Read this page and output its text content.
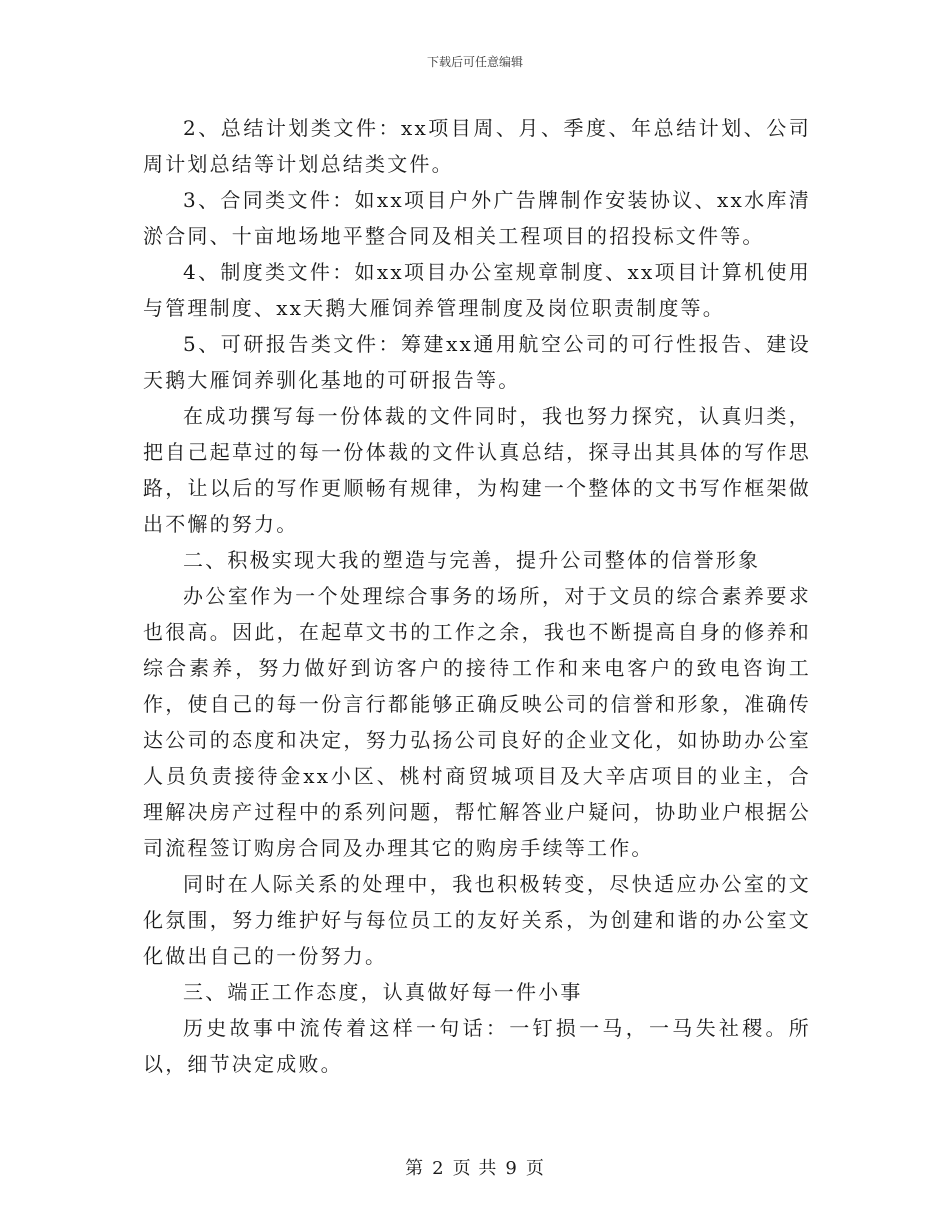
下载后可任意编辑

2、总结计划类文件：xx项目周、月、季度、年总结计划、公司周计划总结等计划总结类文件。

3、合同类文件：如xx项目户外广告牌制作安装协议、xx水库清淤合同、十亩地场地平整合同及相关工程项目的招投标文件等。

4、制度类文件：如xx项目办公室规章制度、xx项目计算机使用与管理制度、xx天鹅大雁饲养管理制度及岗位职责制度等。

5、可研报告类文件：筹建xx通用航空公司的可行性报告、建设天鹅大雁饲养驯化基地的可研报告等。

在成功撰写每一份体裁的文件同时，我也努力探究，认真归类，把自己起草过的每一份体裁的文件认真总结，探寻出其具体的写作思路，让以后的写作更顺畅有规律，为构建一个整体的文书写作框架做出不懈的努力。

二、积极实现大我的塑造与完善，提升公司整体的信誉形象

办公室作为一个处理综合事务的场所，对于文员的综合素养要求也很高。因此，在起草文书的工作之余，我也不断提高自身的修养和综合素养，努力做好到访客户的接待工作和来电客户的致电咨询工作，使自己的每一份言行都能够正确反映公司的信誉和形象，准确传达公司的态度和决定，努力弘扬公司良好的企业文化，如协助办公室人员负责接待金xx小区、桃村商贸城项目及大辛店项目的业主，合理解决房产过程中的系列问题，帮忙解答业户疑问，协助业户根据公司流程签订购房合同及办理其它的购房手续等工作。

同时在人际关系的处理中，我也积极转变，尽快适应办公室的文化氛围，努力维护好与每位员工的友好关系，为创建和谐的办公室文化做出自己的一份努力。

三、端正工作态度，认真做好每一件小事

历史故事中流传着这样一句话：一钉损一马，一马失社稷。所以，细节决定成败。

第 2 页 共 9 页
